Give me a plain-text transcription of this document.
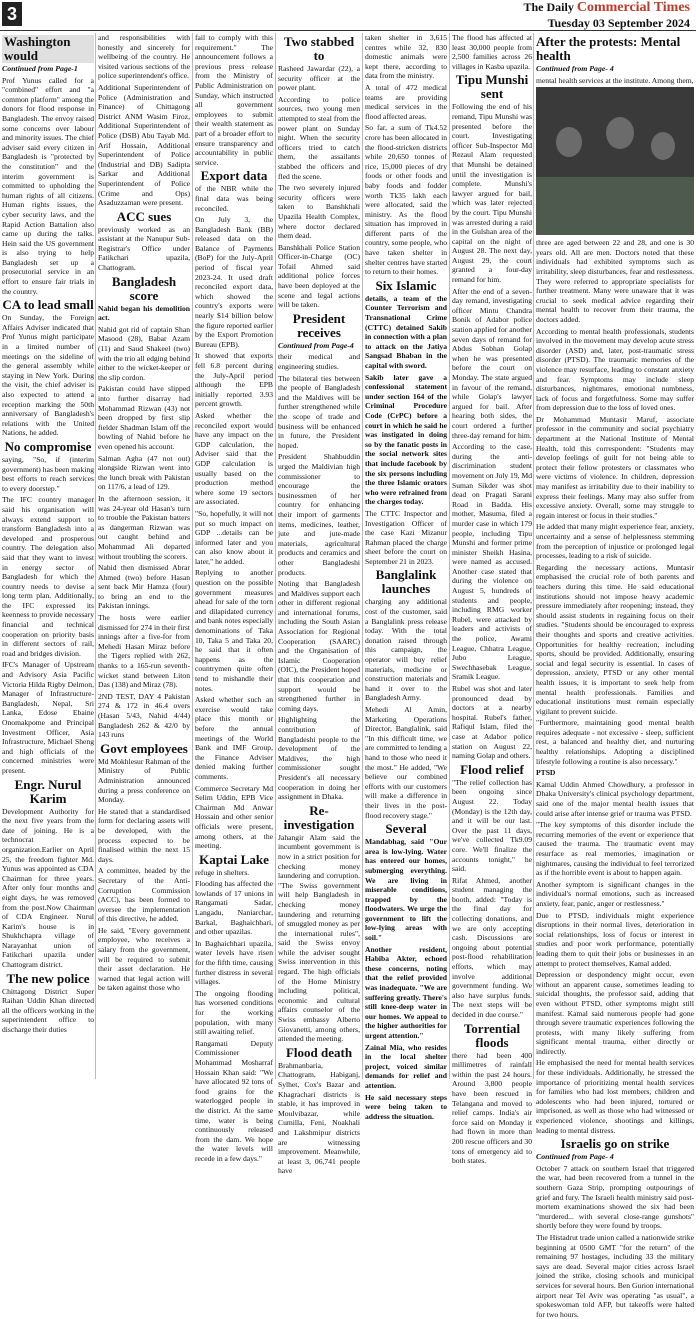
3	The Daily Commercial Times
Tuesday 03 September 2024
Washington would

Continued from Page-1

Prof Yunus called for a "combined" effort and "a common platform" among the donors for flood response in Bangladesh. The envoy raised some concerns over labour and minority issues. The chief adviser said every citizen in Bangladesh is "protected by the constitution" and the interim government is committed to upholding the human rights of all citizens. Human rights issues, the cyber security laws, and the Rapid Action Battalion also came up during the talks. Hein said the US government is also trying to help Bangladesh set up a prosecutorial service in an effort to ensure fair trials in the country.

CA to lead small

On Sunday, the Foreign Affairs Adviser indicated that Prof Yunus might participate in a limited number of meetings on the sideline of the general assembly while staying in New York. During the visit, the chief adviser is also expected to attend a reception marking the 50th anniversary of Bangladesh's relations with the United Nations, he added.

No compromise

saying, "So, if (interim government) has been making best efforts to reach services to every doorstep."

The IFC country manager said his organisation will always extend support to transform Bangladesh into a developed and prosperous country. The delegation also said that they want to invest in energy sector of Bangladesh for which the country needs to devise a long term plan. Additionally, the IFC expressed its keenness to provide necessary financial and technical cooperation on priority basis in different sectors of rail, road and bridges division.

IFC's Manager of Upstream and Advisory Asia Pacific Victoria Hilda Rigby Delmon, Manager of Infrastructure-Bangladesh, Nepal, Sri Lanka, Edose Ebaine Onomakpome and Principal Investment Officer, Asia Infrastructure, Michael Sheng and high officials of the concerned ministries were present.

Engr. Nurul Karim

Development Authority for the next five years from the date of joining. He is a technocrat organization.Earlier on April 25, the freedom fighter Md. Yunus was appointed as CDA Chairman for three years. After only four months and eight days, he was removed from the post.Now Chairman of CDA Engineer. Nurul Karim's house is in Shukhchapra village of Narayanhat union of Fatikchari upazila under Chattogram district.

The new police

Chittagong District Super Raihan Uddin Khan directed all the officers working in the superintendent office to discharge their duties

and responsibilities with honestly and sincerely for wellbeing of the country. He visited various sections of the police superintendent's office.

Additional Superintendent of Police (Administration and Finance) of Chittagong District ANM Wasim Firoz, Additional Superintendent of Police (DSB) Abu Tayab Md. Arif Hossain, Additional Superintendent of Police (Industrial and DB) Sadipta Sarkar and Additional Superintendent of Police (Crime and Ops) Asaduzzaman were present.

ACC sues

previously worked as an assistant at the Nanupur Sub-Registrar's Office under Fatikchari upazila, Chattogram.

Bangladesh score

Nahid began his demolition act.

Nahid got rid of captain Shan Masood (28), Babar Azam (11) and Saud Shakeel (two) with the trio all edging behind either to the wicket-keeper or the slip cordon.

Pakistan could have slipped into further disarray had Mohammad Rizwan (43) not been dropped by first slip fielder Shadman Islam off the bowling of Nahid before he even opened his account.

Salman Agha (47 not out) alongside Rizwan went into the lunch break with Pakistan on 117/6, a lead of 129.

In the afternoon session, it was 24-year old Hasan's turn to trouble the Pakistan batters as dangerman Rizwan was out caught behind and Mohammad Ali departed without troubling the scorers.

Nahid then dismissed Abrar Ahmed (two) before Hasan sent back Mir Hamza (four) to bring an end to the Pakistan innings.

The hosts were earlier dismissed for 274 in their first innings after a five-for from Mehedi Hasan Miraz before the Tigers replied with 262, thanks to a 165-run seventh-wicket stand between Liton Das (138) and Miraz (78).

2ND TEST, DAY 4 Pakistan 274 & 172 in 46.4 overs (Hasan 5/43, Nahid 4/44) Bangladesh 262 & 42/0 by 143 runs

Govt employees

Md Mokhlesur Rahman of the Ministry of Public Administration announced during a press conference on Monday.

He stated that a standardised form for declaring assets will be developed, with the process expected to be finalised within the next 15 days.

A committee, headed by the Secretary of the Anti-Corruption Commission (ACC), has been formed to oversee the implementation of this directive, he added.

He said, "Every government employee, who receives a salary from the government, will be required to submit their asset declaration. He warned that legal action will be taken against those who

fail to comply with this requirement." The announcement follows a previous press release from the Ministry of Public Administration on Sunday, which instructed all government employees to submit their wealth statement as part of a broader effort to ensure transparency and accountability in public service.

Export data

of the NBR while the final data was being reconciled.

On July 3, the Bangladesh Bank (BB) released data on the Balance of Payments (BoP) for the July-April period of fiscal year 2023-24. It used draft reconciled export data, which showed the country's exports were nearly $14 billion below the figure reported earlier by the Export Promotion Bureau (EPB).

It showed that exports fell 6.8 percent during the July-April period although the EPB initially reported 3.93 percent growth.

Asked whether the reconciled export would have any impact on the GDP calculation, the Adviser said that the GDP calculation is usually based on the production method where some 19 sectors are associated.

"So, hopefully, it will not put so much impact on GDP ...details can be informed later and you can also know about it later," he added.

Replying to another question on the possible government measures ahead for sale of the torn and dilapidated currency and bank notes especially denominations of Taka 10, Taka 5 and Taka 20, he said that it often happens as the countrymen quite often tend to mishandle their notes.

Asked whether such an exercise would take place this month or before the annual meetings of the World Bank and IMF Group, the Finance Adviser denied making further comments.

Commerce Secretary Md Selim Uddin, EPB Vice Chairman Md Anwar Hossain and other senior officials were present, among others, at the meeting.

Kaptai Lake

refuge in shelters.

Flooding has affected the lowlands of 17 unions in Rangamati Sadar, Langadu, Naniarchar, Barkal, Baghaichhari, and other upazilas.

In Baghaichhari upazila, water levels have risen for the fifth time, causing further distress in several villages.

The ongoing flooding has worsened conditions for the working population, with many still awaiting relief.

Rangamati Deputy Commissioner Mohammad Mosharraf Hossain Khan said: "We have allocated 92 tons of food grains for the waterlogged people in the district. At the same time, water is being continuously released from the dam. We hope the water levels will recede in a few days."

Two stabbed to

Rasheed Jawardar (22), a security officer at the power plant.

According to police sources, two young men attempted to steal from the power plant on Sunday night. When the security officers tried to catch them, the assailants stabbed the officers and fled the scene.

The two severely injured security officers were taken to Banshkhali Upazila Health Complex, where doctor declared them dead.

Banshkhali Police Station Officer-in-Charge (OC) Tofail Ahmed said additional police forces have been deployed at the scene and legal actions will be taken.

President receives

Continued from Page-4

their medical and engineering studies.

The bilateral ties between the people of Bangladesh and the Maldives will be further strengthened while the scope of trade and business will be enhanced in future, the President hoped.

President Shahbuddin urged the Maldivian high commissioner to encourage the businessmen of her country for enhancing their import of garments items, medicines, leather, jute and jute-made materials, agricultural products and ceramics and other Bangladeshi products.

Noting that Bangladesh and Maldives support each other in different regional and international forums, including the South Asian Association for Regional Cooperation (SAARC) and the Organisation of Islamic Cooperation (OIC), the President hoped that this cooperation and support would be strengthened further in coming days.

Highlighting the contribution of Bangladeshi people to the development of the Maldives, the high commissioner sought President's all necessary cooperation in doing her assignment in Dhaka.

Re-investigation

Jahangir Alam said the incumbent government is now in a strict position for checking money laundering and corruption. "The Swiss government will help Bangladesh in checking money laundering and returning of smuggled money as per the international rules", said the Swiss envoy while the adviser sought Swiss intervention in this regard. The high officials of the Home Ministry including political, economic and cultural affairs counselor of the Swiss embassy Alberto Giovanetti, among others, attended the meeting.

Flood death

Brahmanbaria, Chattogram, Habiganj, Sylhet, Cox's Bazar and Khagrachari districts is stable, it has improved in Moulvibazar, while Cumilla, Feni, Noakhali and Lakshmipur districts are witnessing improvement. Meanwhile, at least 3, 06,741 people have

taken shelter in 3,615 centres while 32, 830 domestic animals were kept there, according to data from the ministry.

A total of 472 medical teams are providing medical services in the flood affected areas.

So far, a sum of Tk4.52 crore has been allocated in the flood-stricken districts while 20,650 tonnes of rice, 15,000 pieces of dry foods or other foods and baby foods and fodder worth Tk35 lakh each were allocated, said the ministry. As the flood situation has improved in different parts of the country, some people, who have taken shelter in shelter centres have started to return to their homes.

Six Islamic

details, a team of the Counter Terrorism and Transnational Crime (CTTC) detained Sakib in connection with a plan to attack on the Jatiya Sangsad Bhaban in the capital with sword.

Sakib later gave a confessional statement under section 164 of the Criminal Procedure Code (CrPC) before a court in which he said he was instigated in doing so by the fanatic posts in the social network sites that include facebook by the six persons including the three Islamic orators who were refrained from the charges today.

The CTTC Inspector and Investigation Officer of the case Kazi Mizanur Rahman placed the charge sheet before the court on September 21 in 2023.

Banglalink launches

charging any additional cost of the customer, said a Banglalink press release today. With the total donation raised through this campaign, the operator will buy relief materials, medicine or construction materials and hand it over to the Bangladesh Army.

Mehedi Al Amin, Marketing Operations Director, Banglalink, said "In this difficult time, we are committed to lending a hand to those who need it the most." He added, "We believe our combined efforts with our customers will make a difference in their lives in the post-flood recovery stage."

Several

Mandabhag, said "Our area is low-lying. Water has entered our homes, submerging everything. We are living in miserable conditions, trapped by the floodwaters. We urge the government to lift the low-lying areas with soil."

Another resident, Habiba Akter, echoed these concerns, noting that the relief provided was inadequate. "We are suffering greatly. There's still knee-deep water in our homes. We appeal to the higher authorities for urgent attention."

Zainal Mia, who resides in the local shelter project, voiced similar demands for relief and attention.

He said necessary steps were being taken to address the situation.

The flood has affected at least 30,000 people from 2,500 families across 26 villages in Kasba upazila.

Tipu Munshi sent

Following the end of his remand, Tipu Munshi was presented before the court. Investigating officer Sub-Inspector Md Rezaul Alam requested that Munshi be detained until the investigation is complete. Munshi's lawyer argued for bail, which was later rejected by the court. Tipu Munshi was arrested during a raid in the Gulshan area of the capital on the night of August 28. The next day, August 29, the court granted a four-day remand for him.

After the end of a seven-day remand, investigating officer Mintu Chandra Bonik of Adabor police station applied for another seven days of remand for Abdus Sobhan Golap when he was presented before the court on Monday. The state argued in favour of the remand, while Golap's lawyer argued for bail. After hearing both sides, the court ordered a further three-day remand for him.

According to the case, during the anti-discrimination student movement on July 19, Md Suman Sikder was shot dead on Pragati Sarani Road in Badda. His mother, Masuma, filed a murder case in which 179 people, including Tipu Munshi and former prime minister Sheikh Hasina, were named as accused. Another case stated that during the violence on August 5, hundreds of students and people, including RMG worker Rubel, were attacked by leaders and activists of the police, Awami League, Chhatra League, Jubo League, Swechhasebak League, Sramik League.

Rubel was shot and later pronounced dead by doctors at a nearby hospital. Rubel's father, Rafiqul Islam, filed the case at Adabor police station on August 22, naming Golap and others.

Flood relief

"The relief collection has been ongoing since August 22. Today (Monday) is the 12th day, and it will be our last. Over the past 11 days, we've collected Tk9.09 core. We'll finalize the accounts tonight," he said.

Rifat Ahmed, another student managing the booth, added: "Today is the final day for collecting donations, and we are only accepting cash. Discussions are ongoing about potential post-flood rehabilitation efforts, which may involve additional government funding. We also have surplus funds. The next steps will be decided in due course."

Torrential floods

there had been 400 millimetres of rainfall within the past 24 hours. Around 3,800 people have been rescued in Telangana and moved to relief camps. India's air force said on Monday it had flown in more than 200 rescue officers and 30 tons of emergency aid to both states.

After the protests: Mental health

Continued from Page- 4

mental health services at the institute. Among them,

three are aged between 22 and 28, and one is 30 years old. All are men. Doctors noted that these individuals had exhibited symptoms such as irritability, sleep disturbances, fear and restlessness. They were referred to appropriate specialists for further treatment. Many were unaware that it was crucial to seek medical advice regarding their mental health to recover from their trauma, the doctors added.

According to mental health professionals, students involved in the movement may develop acute stress disorder (ASD) and, later, post-traumatic stress disorder (PTSD). The traumatic memories of the violence may resurface, leading to constant anxiety and fear. Symptoms may include sleep disturbances, nightmares, emotional numbness, lack of focus and forgetfulness. Some may suffer from depression due to the loss of loved ones.

Dr Mohammad Muntasir Maruf, associate professor in the community and social psychiatry department at the National Institute of Mental Health, told this correspondent: "Students may develop feelings of guilt for not being able to protect their fellow protesters or classmates who were victims of violence. In children, depression may manifest as irritability due to their inability to express their feelings. Many may also suffer from excessive anxiety. Overall, some may struggle to regain interest or focus in their studies."

He added that many might experience fear, anxiety, uncertainty and a sense of helplessness stemming from the perception of injustice or prolonged legal processes, leading to a risk of suicide.

Regarding the necessary actions, Muntasir emphasised the crucial role of both parents and teachers during this time. He said educational institutions should not impose heavy academic pressure immediately after reopening; instead, they should assist students in regaining focus on their studies. "Students should be encouraged to express their thoughts and sports and creative activities. Opportunities for healthy recreation, including sports, should be provided. Additionally, ensuring social and legal security is essential. In cases of depression, anxiety, PTSD or any other mental health issues, it is important to seek help from mental health professionals. Families and educational institutions must remain especially vigilant to prevent suicide.

"Furthermore, maintaining good mental health requires adequate - not excessive - sleep, sufficient rest, a balanced and healthy diet, and nurturing healthy relationships. Adopting a disciplined lifestyle following a routine is also necessary."

PTSD

Kamal Uddin Ahmed Chowdhury, a professor in Dhaka University's clinical psychology department, said one of the major mental health issues that could arise after intense grief or trauma was PTSD.

"The key symptoms of this disorder include the recurring memories of the event or experience that caused the trauma. The traumatic event may resurface as real memories, imagination or nightmares, causing the individual to feel terrorized as if the horrible event is about to happen again.

Another symptom is significant changes in the individual's normal emotions, such as increased anxiety, fear, panic, anger or restlessness."

Due to PTSD, individuals might experience disruptions in their normal lives, deterioration in social relationships, loss of focus or interest in studies and poor work performance, potentially leading them to quit their jobs or businesses in an attempt to protect themselves, Kamal added.

Depression or despondency might occur, even without an apparent cause, sometimes leading to suicidal thoughts, the professor said, adding that even without PTSD, other symptoms might still manifest. Kamal said numerous people had gone through severe traumatic experiences following the protests, with many likely suffering from significant mental trauma, either directly or indirectly.

He emphasised the need for mental health services for these individuals. Additionally, he stressed the importance of prioritizing mental health services for families who had lost members, children and adolescents who had been injured, tortured or imprisoned, as well as those who had witnessed or experienced violence, shootings and killings, leading to mental distress.

Israelis go on strike

Continued from Page- 4

October 7 attack on southern Israel that triggered the war, had been recovered from a tunnel in the southern Gaza Strip, prompting outpourings of grief and fury. The Israeli health ministry said post-mortem examinations showed the six had been "murdered... with several close-range gunshots" shortly before they were found by troops.

The Histadrut trade union called a nationwide strike beginning at 0500 GMT "for the return" of the remaining 97 hostages, including 33 the military says are dead. Several major cities across Israel joined the strike, closing schools and municipal services for several hours. Ben Gurion international airport near Tel Aviv was operating "as usual", a spokeswoman told AFP, but takeoffs were halted for two hours.
